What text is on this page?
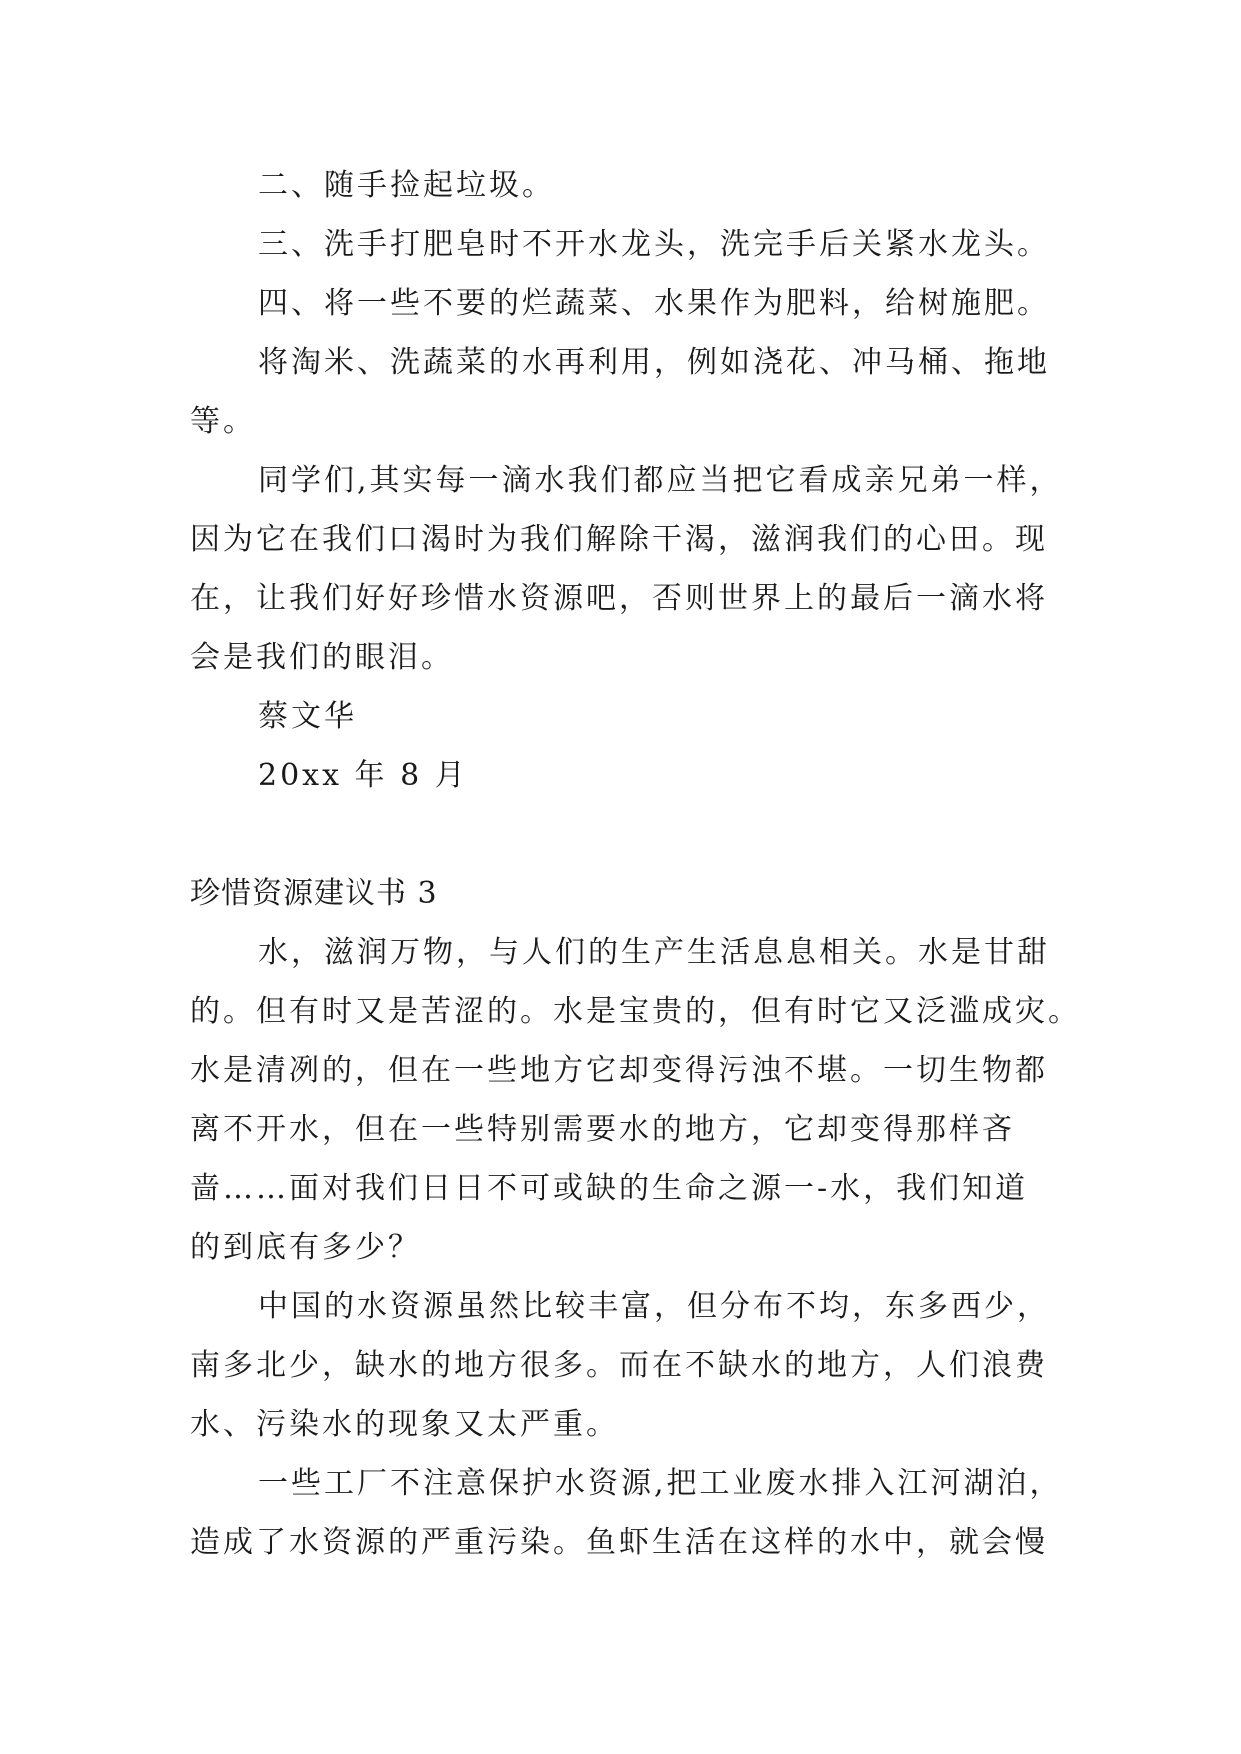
二、随手捡起垃圾。
三、洗手打肥皂时不开水龙头，洗完手后关紧水龙头。
四、将一些不要的烂蔬菜、水果作为肥料，给树施肥。
将淘米、洗蔬菜的水再利用，例如浇花、冲马桶、拖地
等。
同学们,其实每一滴水我们都应当把它看成亲兄弟一样，
因为它在我们口渴时为我们解除干渴，滋润我们的心田。现
在，让我们好好珍惜水资源吧，否则世界上的最后一滴水将
会是我们的眼泪。
蔡文华
20xx 年 8 月
珍惜资源建议书 3
水，滋润万物，与人们的生产生活息息相关。水是甘甜
的。但有时又是苦涩的。水是宝贵的，但有时它又泛滥成灾。
水是清冽的，但在一些地方它却变得污浊不堪。一切生物都
离不开水，但在一些特别需要水的地方，它却变得那样吝
啬……面对我们日日不可或缺的生命之源一-水，我们知道
的到底有多少？
中国的水资源虽然比较丰富，但分布不均，东多西少，
南多北少，缺水的地方很多。而在不缺水的地方，人们浪费
水、污染水的现象又太严重。
一些工厂不注意保护水资源,把工业废水排入江河湖泊，
造成了水资源的严重污染。鱼虾生活在这样的水中，就会慢
